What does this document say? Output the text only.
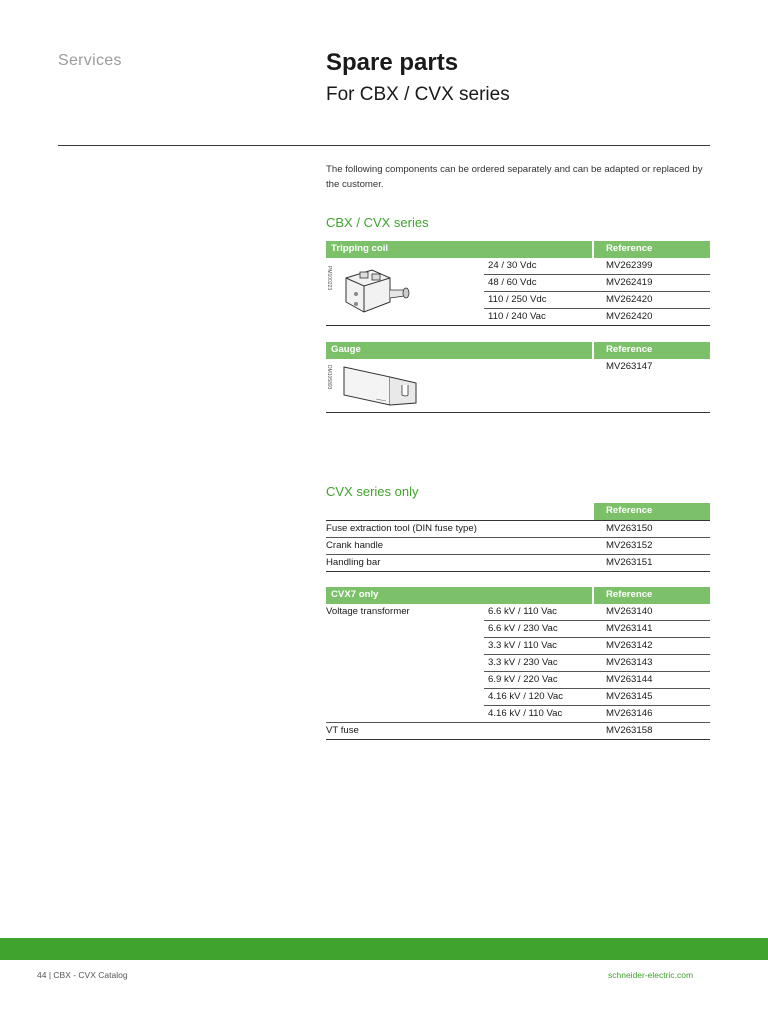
Services	Spare parts
For CBX / CVX series
The following components can be ordered separately and can be adapted or replaced by the customer.
CBX / CVX series
Tripping coil	Reference
PM100223
24 / 30 Vdc	MV262399
48 / 60 Vdc	MV262419
110 / 250 Vdc	MV262420
110 / 240 Vac	MV262420
Gauge	Reference
DM105893	MV263147
CVX series only
Reference
Fuse extraction tool (DIN fuse type)	MV263150
Crank handle	MV263152
Handling bar	MV263151
CVX7 only	Reference
Voltage transformer	6.6 kV / 110 Vac	MV263140
6.6 kV / 230 Vac	MV263141
3.3 kV / 110 Vac	MV263142
3.3 kV / 230 Vac	MV263143
6.9 kV / 220 Vac	MV263144
4.16 kV / 120 Vac	MV263145
4.16 kV / 110 Vac	MV263146
VT fuse	MV263158
44 | CBX - CVX Catalog	schneider-electric.com
